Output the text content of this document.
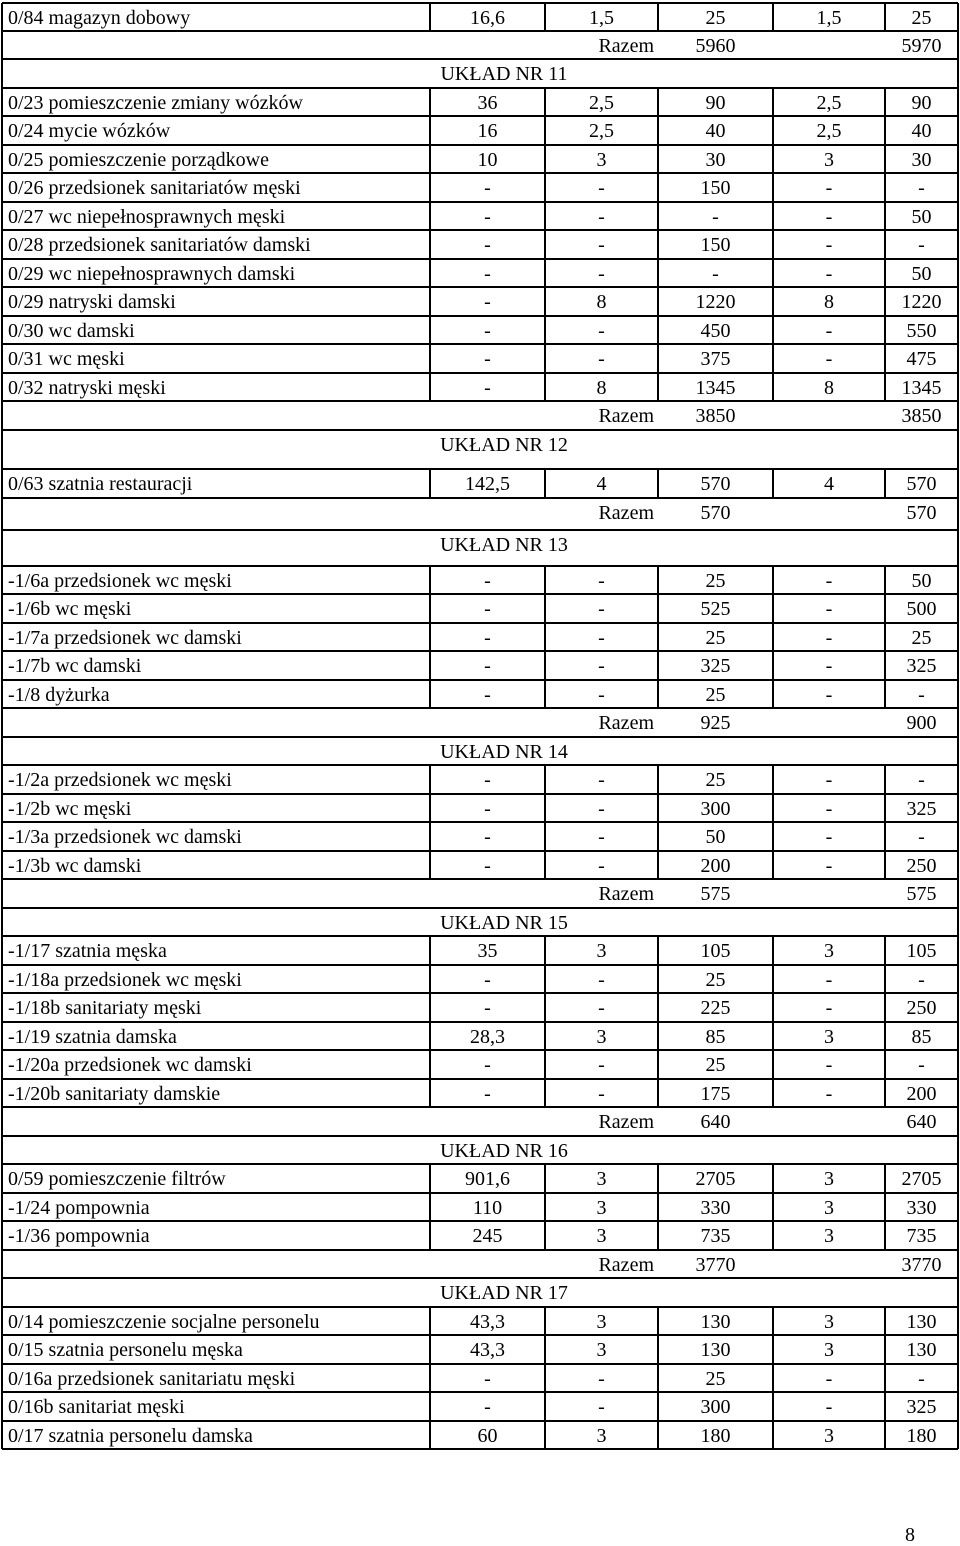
0/84 magazyn dobowy	16,6	1,5	25	1,5	25
Razem	5960	5970
UKŁAD NR 11
0/23 pomieszczenie zmiany wózków	36	2,5	90	2,5	90
0/24 mycie wózków	16	2,5	40	2,5	40
0/25 pomieszczenie porządkowe	10	3	30	3	30
0/26 przedsionek sanitariatów męski	-	-	150	-	-
0/27 wc niepełnosprawnych męski	-	-	-	-	50
0/28 przedsionek sanitariatów damski	-	-	150	-	-
0/29 wc niepełnosprawnych damski	-	-	-	-	50
0/29 natryski damski	-	8	1220	8	1220
0/30 wc damski	-	-	450	-	550
0/31 wc męski	-	-	375	-	475
0/32 natryski męski	-	8	1345	8	1345
Razem	3850	3850
UKŁAD NR 12
0/63 szatnia restauracji	142,5	4	570	4	570
Razem	570	570
UKŁAD NR 13
-1/6a przedsionek wc męski	-	-	25	-	50
-1/6b wc męski	-	-	525	-	500
-1/7a przedsionek wc damski	-	-	25	-	25
-1/7b wc damski	-	-	325	-	325
-1/8 dyżurka	-	-	25	-	-
Razem	925	900
UKŁAD NR 14
-1/2a przedsionek wc męski	-	-	25	-	-
-1/2b wc męski	-	-	300	-	325
-1/3a przedsionek wc damski	-	-	50	-	-
-1/3b wc damski	-	-	200	-	250
Razem	575	575
UKŁAD NR 15
-1/17 szatnia męska	35	3	105	3	105
-1/18a przedsionek wc męski	-	-	25	-	-
-1/18b sanitariaty męski	-	-	225	-	250
-1/19 szatnia damska	28,3	3	85	3	85
-1/20a przedsionek wc damski	-	-	25	-	-
-1/20b sanitariaty damskie	-	-	175	-	200
Razem	640	640
UKŁAD NR 16
0/59 pomieszczenie filtrów	901,6	3	2705	3	2705
-1/24 pompownia	110	3	330	3	330
-1/36 pompownia	245	3	735	3	735
Razem	3770	3770
UKŁAD NR 17
0/14 pomieszczenie socjalne personelu	43,3	3	130	3	130
0/15 szatnia personelu męska	43,3	3	130	3	130
0/16a przedsionek sanitariatu męski	-	-	25	-	-
0/16b sanitariat męski	-	-	300	-	325
0/17 szatnia personelu damska	60	3	180	3	180
8
